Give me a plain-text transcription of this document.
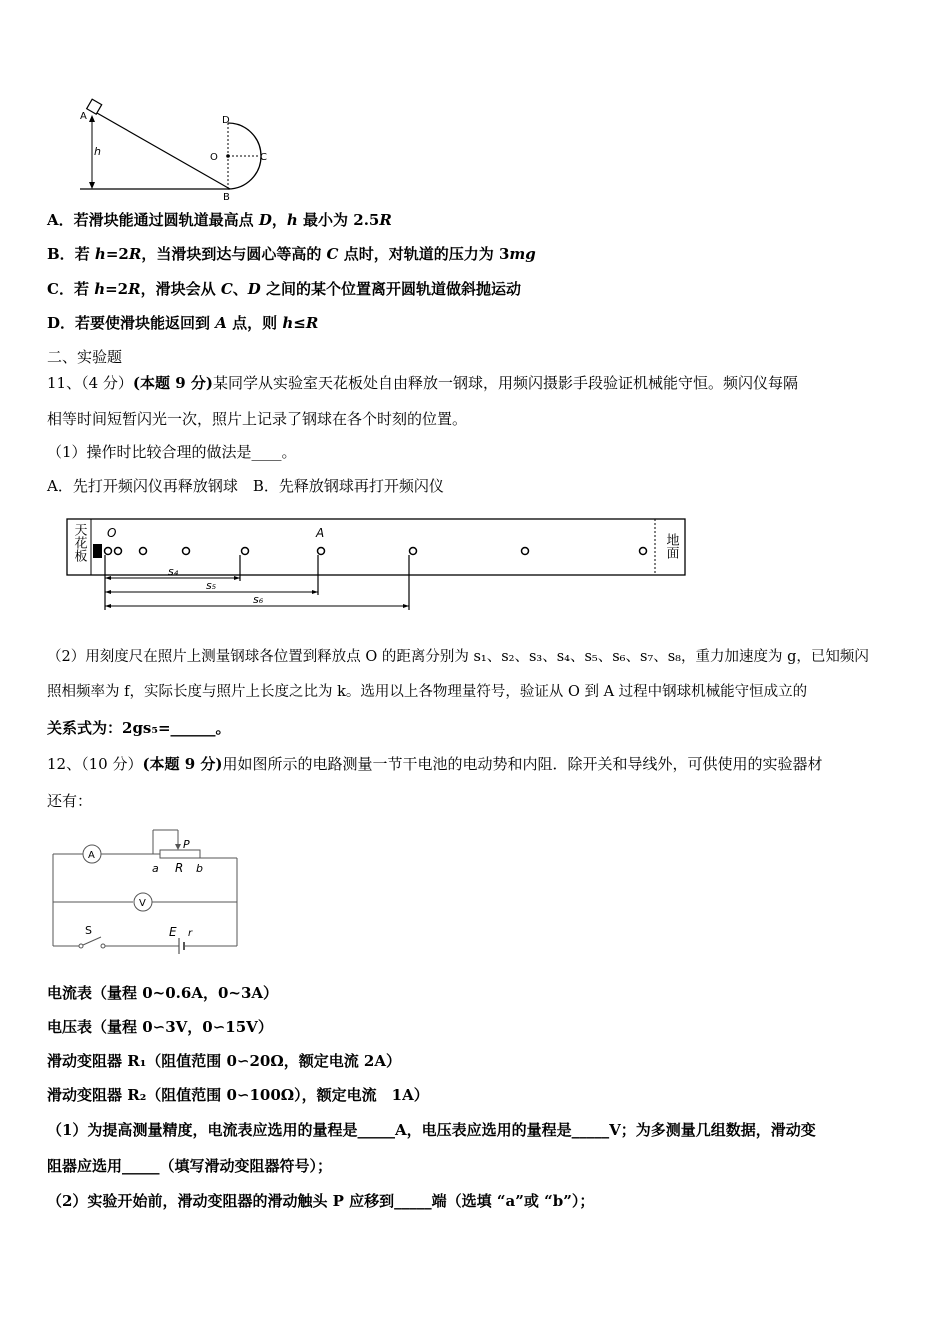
A
h
D
O	C
B
A．若滑块能通过圆轨道最高点 D，h 最小为 2.5R
B．若 h=2R，当滑块到达与圆心等高的 C 点时，对轨道的压力为 3mg
C．若 h=2R，滑块会从 C、D 之间的某个位置离开圆轨道做斜抛运动
D．若要使滑块能返回到 A 点，则 h≤R
二、实验题
11、（4 分）(本题 9 分)某同学从实验室天花板处自由释放一钢球，用频闪摄影手段验证机械能守恒。频闪仪每隔
相等时间短暂闪光一次，照片上记录了钢球在各个时刻的位置。
（1）操作时比较合理的做法是____。
A．先打开频闪仪再释放钢球　B．先释放钢球再打开频闪仪
天花板	地面
O	A
s₄
s₅
s₆
（2）用刻度尺在照片上测量钢球各位置到释放点 O 的距离分别为 s₁、s₂、s₃、s₄、s₅、s₆、s₇、s₈，重力加速度为 g，已知频闪
照相频率为 f，实际长度与照片上长度之比为 k。选用以上各物理量符号，验证从 O 到 A 过程中钢球机械能守恒成立的
关系式为：2gs₅=______。
12、（10 分）(本题 9 分)用如图所示的电路测量一节干电池的电动势和内阻．除开关和导线外，可供使用的实验器材
还有：
A
P
a R b
V
S	E r
电流表（量程 0~0.6A，0~3A）
电压表（量程 0∽3V，0∽15V）
滑动变阻器 R₁（阻值范围 0∽20Ω，额定电流 2A）
滑动变阻器 R₂（阻值范围 0∽100Ω），额定电流　1A）
（1）为提高测量精度，电流表应选用的量程是_____A，电压表应选用的量程是_____V；为多测量几组数据，滑动变
阻器应选用_____（填写滑动变阻器符号）；
（2）实验开始前，滑动变阻器的滑动触头 P 应移到_____端（选填 “a”或 “b”）；
